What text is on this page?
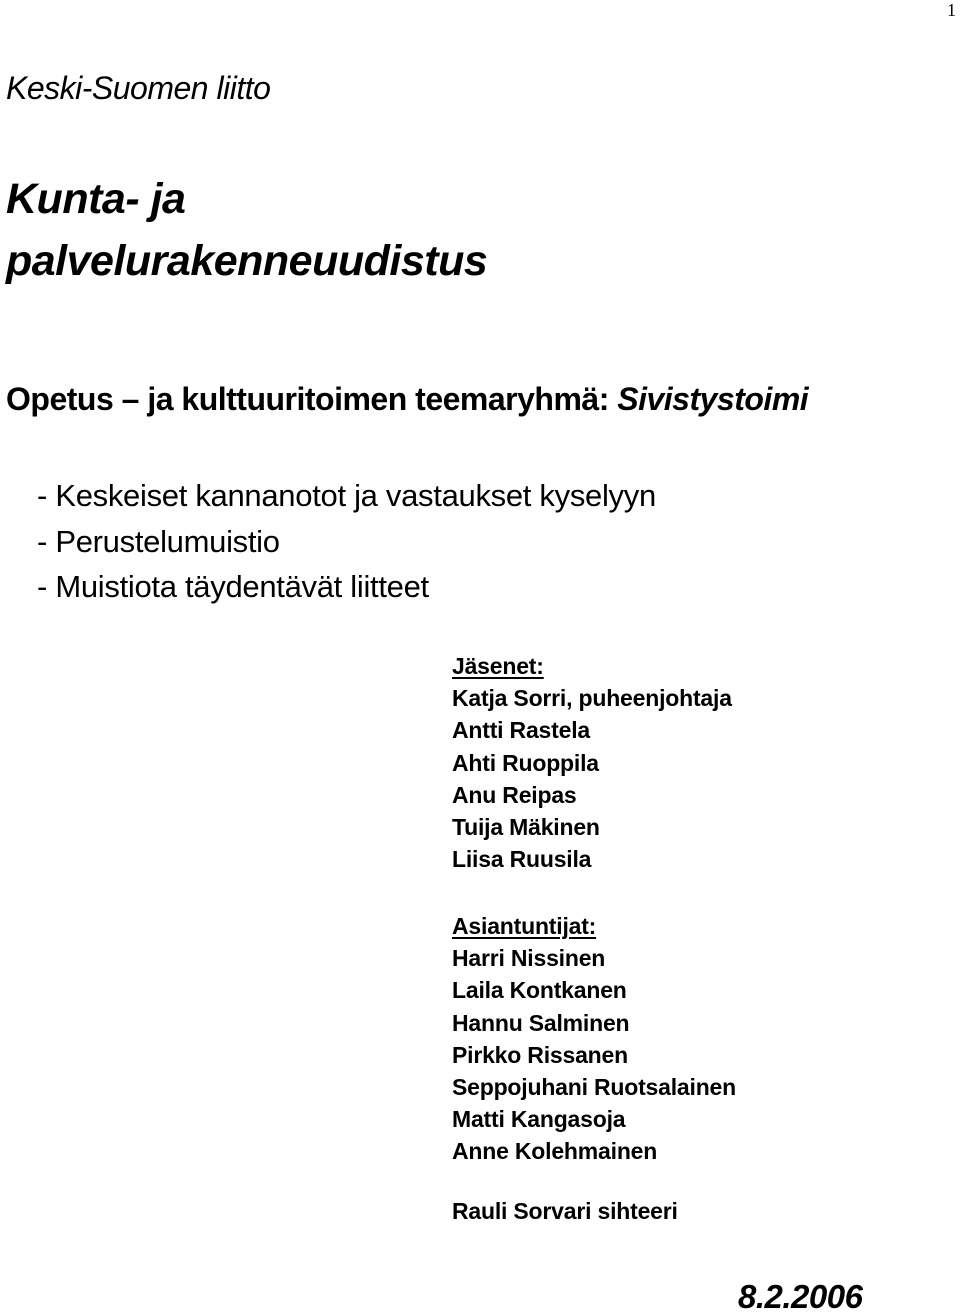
1
Keski-Suomen liitto
Kunta- ja
palvelurakenneuudistus
Opetus – ja kulttuuritoimen teemaryhmä: Sivistystoimi
- Keskeiset kannanotot ja vastaukset kyselyyn
- Perustelumuistio
- Muistiota täydentävät liitteet
Jäsenet:
Katja Sorri, puheenjohtaja
Antti Rastela
Ahti Ruoppila
Anu Reipas
Tuija Mäkinen
Liisa Ruusila
Asiantuntijat:
Harri Nissinen
Laila Kontkanen
Hannu Salminen
Pirkko Rissanen
Seppojuhani Ruotsalainen
Matti Kangasoja
Anne Kolehmainen
Rauli Sorvari sihteeri
8.2.2006
